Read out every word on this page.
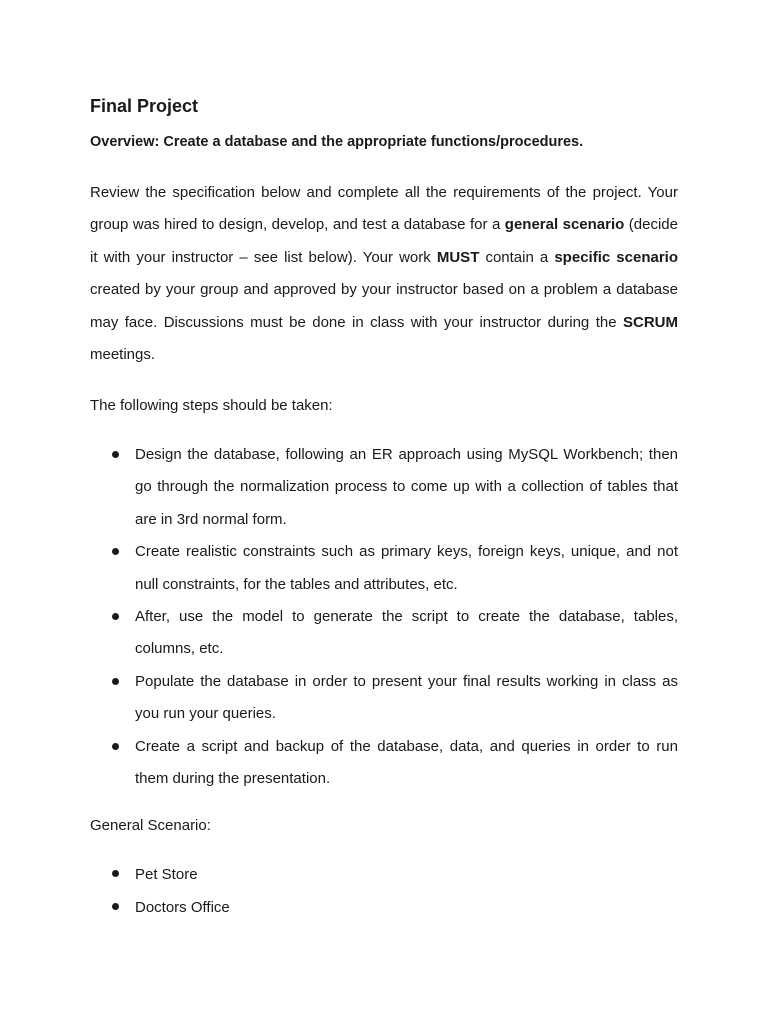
Final Project

Overview: Create a database and the appropriate functions/procedures.

Review the specification below and complete all the requirements of the project. Your group was hired to design, develop, and test a database for a general scenario (decide it with your instructor – see list below). Your work MUST contain a specific scenario created by your group and approved by your instructor based on a problem a database may face. Discussions must be done in class with your instructor during the SCRUM meetings.

The following steps should be taken:

Design the database, following an ER approach using MySQL Workbench; then go through the normalization process to come up with a collection of tables that are in 3rd normal form.
Create realistic constraints such as primary keys, foreign keys, unique, and not null constraints, for the tables and attributes, etc.
After, use the model to generate the script to create the database, tables, columns, etc.
Populate the database in order to present your final results working in class as you run your queries.
Create a script and backup of the database, data, and queries in order to run them during the presentation.

General Scenario:

Pet Store
Doctors Office
